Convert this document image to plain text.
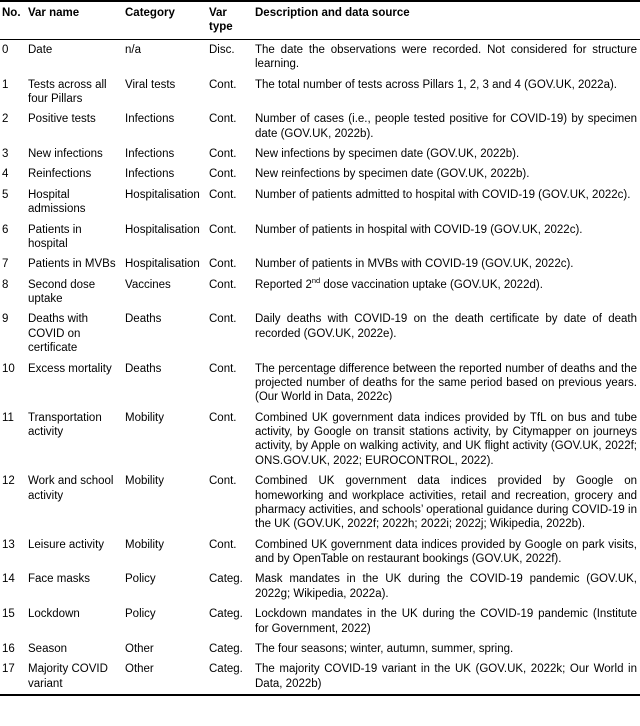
No.	Var name	Category	Var type	Description and data source
0	Date	n/a	Disc.	The date the observations were recorded. Not considered for structure learning.
1	Tests across all four Pillars	Viral tests	Cont.	The total number of tests across Pillars 1, 2, 3 and 4 (GOV.UK, 2022a).
2	Positive tests	Infections	Cont.	Number of cases (i.e., people tested positive for COVID-19) by specimen date (GOV.UK, 2022b).
3	New infections	Infections	Cont.	New infections by specimen date (GOV.UK, 2022b).
4	Reinfections	Infections	Cont.	New reinfections by specimen date (GOV.UK, 2022b).
5	Hospital admissions	Hospitalisation	Cont.	Number of patients admitted to hospital with COVID-19 (GOV.UK, 2022c).
6	Patients in hospital	Hospitalisation	Cont.	Number of patients in hospital with COVID-19 (GOV.UK, 2022c).
7	Patients in MVBs	Hospitalisation	Cont.	Number of patients in MVBs with COVID-19 (GOV.UK, 2022c).
8	Second dose uptake	Vaccines	Cont.	Reported 2nd dose vaccination uptake (GOV.UK, 2022d).
9	Deaths with COVID on certificate	Deaths	Cont.	Daily deaths with COVID-19 on the death certificate by date of death recorded (GOV.UK, 2022e).
10	Excess mortality	Deaths	Cont.	The percentage difference between the reported number of deaths and the projected number of deaths for the same period based on previous years. (Our World in Data, 2022c)
11	Transportation activity	Mobility	Cont.	Combined UK government data indices provided by TfL on bus and tube activity, by Google on transit stations activity, by Citymapper on journeys activity, by Apple on walking activity, and UK flight activity (GOV.UK, 2022f; ONS.GOV.UK, 2022; EUROCONTROL, 2022).
12	Work and school activity	Mobility	Cont.	Combined UK government data indices provided by Google on homeworking and workplace activities, retail and recreation, grocery and pharmacy activities, and schools’ operational guidance during COVID-19 in the UK (GOV.UK, 2022f; 2022h; 2022i; 2022j; Wikipedia, 2022b).
13	Leisure activity	Mobility	Cont.	Combined UK government data indices provided by Google on park visits, and by OpenTable on restaurant bookings (GOV.UK, 2022f).
14	Face masks	Policy	Categ.	Mask mandates in the UK during the COVID-19 pandemic (GOV.UK, 2022g; Wikipedia, 2022a).
15	Lockdown	Policy	Categ.	Lockdown mandates in the UK during the COVID-19 pandemic (Institute for Government, 2022)
16	Season	Other	Categ.	The four seasons; winter, autumn, summer, spring.
17	Majority COVID variant	Other	Categ.	The majority COVID-19 variant in the UK (GOV.UK, 2022k; Our World in Data, 2022b)
